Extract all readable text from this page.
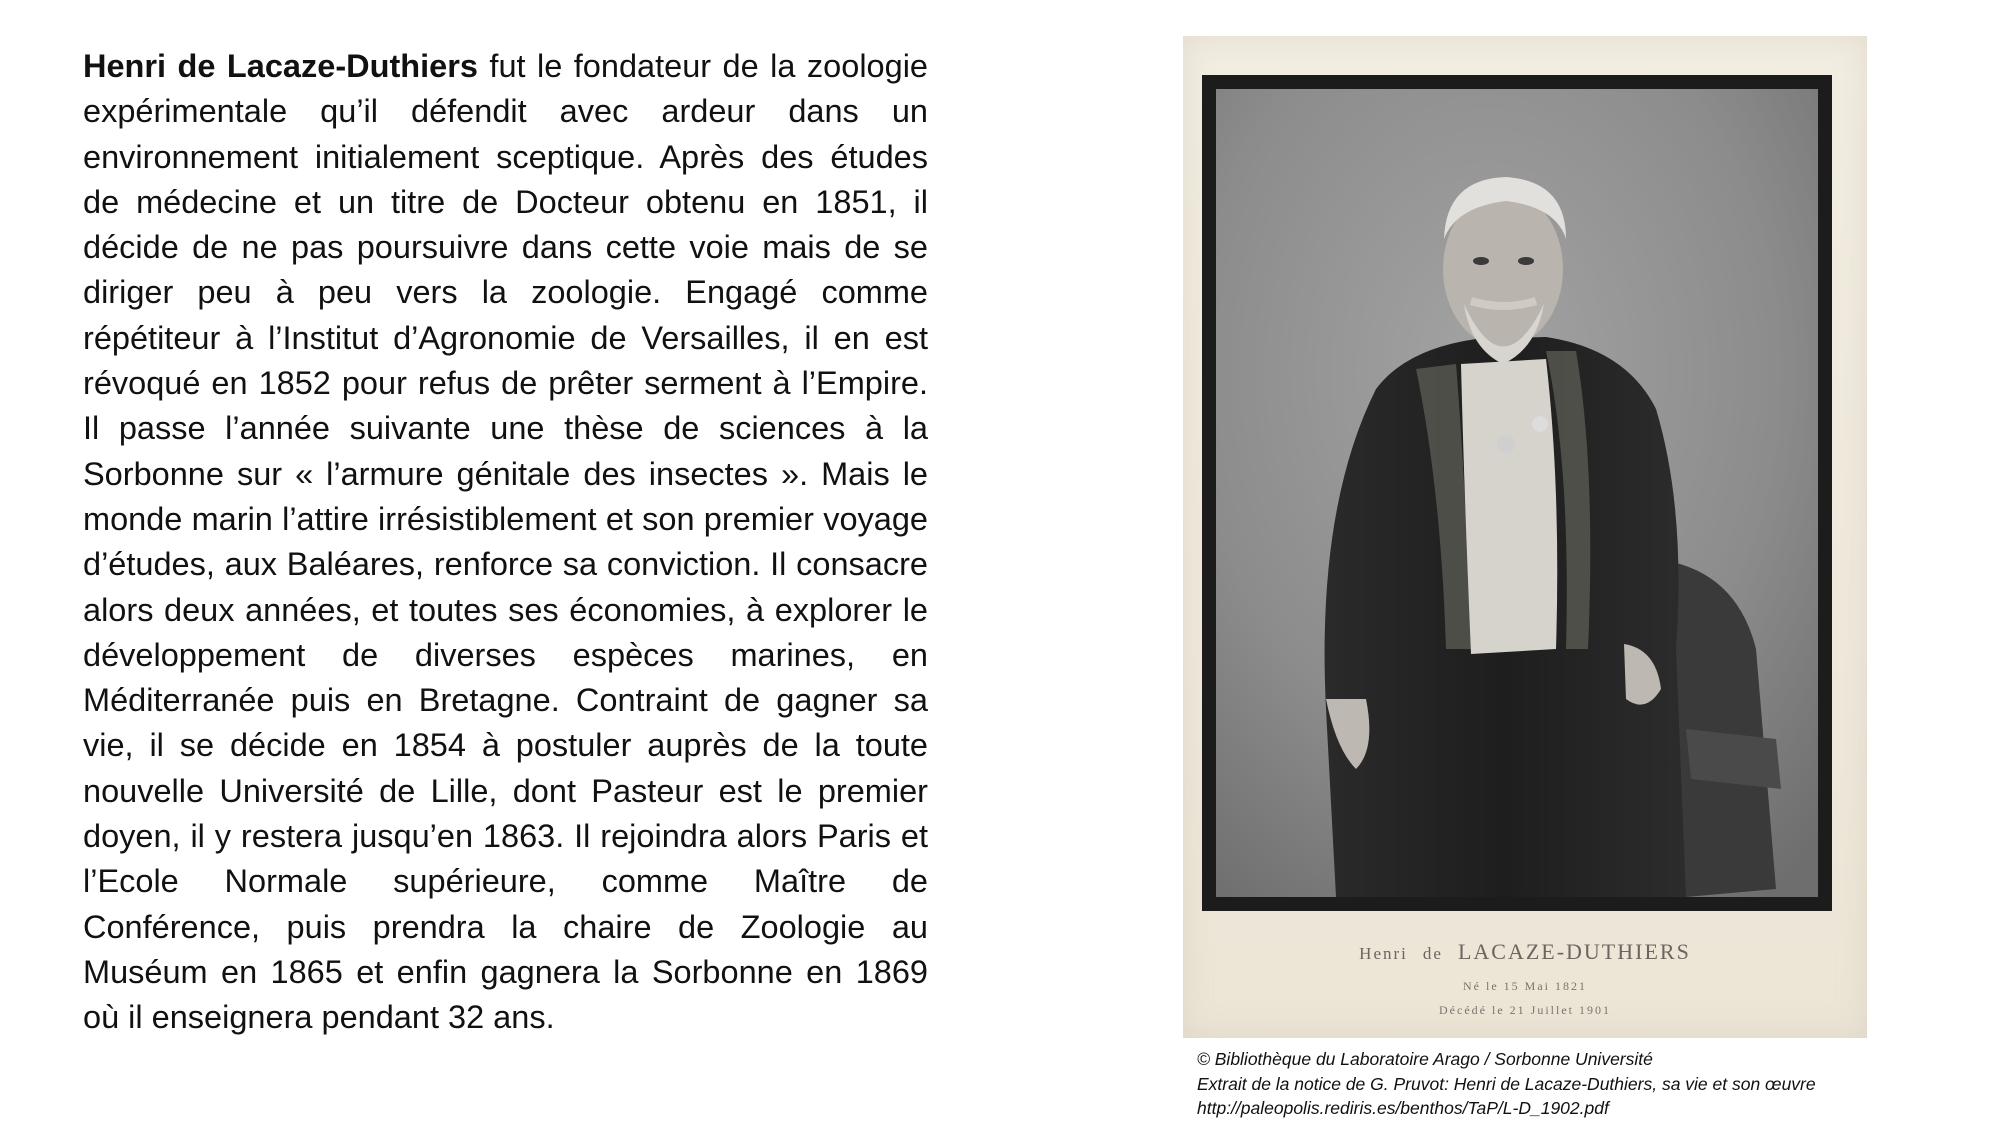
Henri de Lacaze-Duthiers fut le fondateur de la zoologie expérimentale qu’il défendit avec ardeur dans un environnement initialement sceptique. Après des études de médecine et un titre de Docteur obtenu en 1851, il décide de ne pas poursuivre dans cette voie mais de se diriger peu à peu vers la zoologie. Engagé comme répétiteur à l’Institut d’Agronomie de Versailles, il en est révoqué en 1852 pour refus de prêter serment à l’Empire. Il passe l’année suivante une thèse de sciences à la Sorbonne sur « l’armure génitale des insectes ». Mais le monde marin l’attire irrésistiblement et son premier voyage d’études, aux Baléares, renforce sa conviction. Il consacre alors deux années, et toutes ses économies, à explorer le développement de diverses espèces marines, en Méditerranée puis en Bretagne. Contraint de gagner sa vie, il se décide en 1854 à postuler auprès de la toute nouvelle Université de Lille, dont Pasteur est le premier doyen, il y restera jusqu’en 1863. Il rejoindra alors Paris et l’Ecole Normale supérieure, comme Maître de Conférence, puis prendra la chaire de Zoologie au Muséum en 1865 et enfin gagnera la Sorbonne en 1869 où il enseignera pendant 32 ans.

Henri de LACAZE-DUTHIERS
Né le 15 Mai 1821
Décédé le 21 Juillet 1901
© Bibliothèque du Laboratoire Arago / Sorbonne Université
Extrait de la notice de G. Pruvot: Henri de Lacaze-Duthiers, sa vie et son œuvre
http://paleopolis.rediris.es/benthos/TaP/L-D_1902.pdf
